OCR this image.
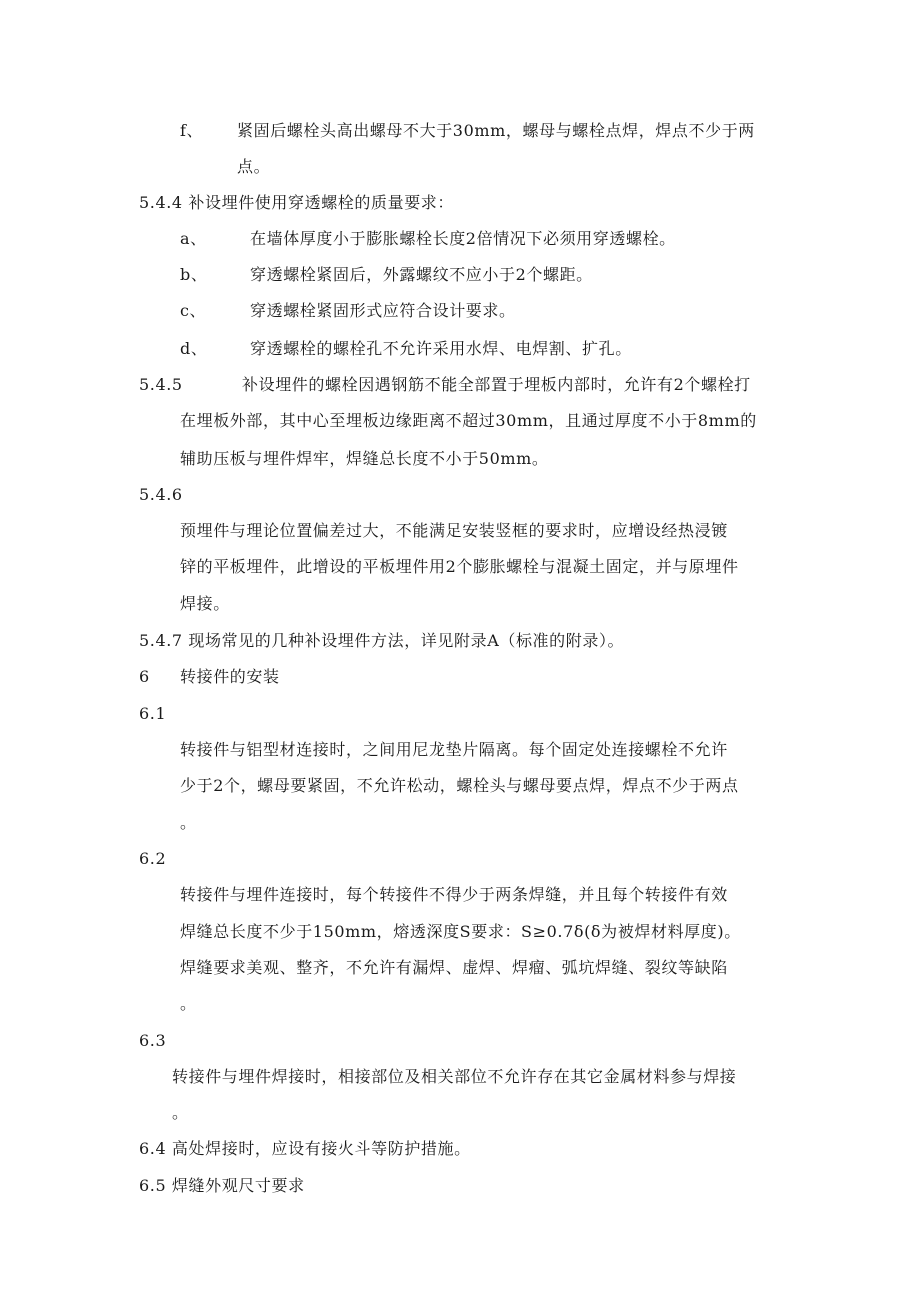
f、 紧固后螺栓头高出螺母不大于30mm，螺母与螺栓点焊，焊点不少于两
点。
5.4.4 补设埋件使用穿透螺栓的质量要求：
a、	在墙体厚度小于膨胀螺栓长度2倍情况下必须用穿透螺栓。
b、	穿透螺栓紧固后，外露螺纹不应小于2个螺距。
c、	穿透螺栓紧固形式应符合设计要求。
d、	穿透螺栓的螺栓孔不允许采用水焊、电焊割、扩孔。
5.4.5	补设埋件的螺栓因遇钢筋不能全部置于埋板内部时，允许有2个螺栓打
在埋板外部，其中心至埋板边缘距离不超过30mm，且通过厚度不小于8mm的
辅助压板与埋件焊牢，焊缝总长度不小于50mm。
5.4.6
预埋件与理论位置偏差过大，不能满足安装竖框的要求时，应增设经热浸镀
锌的平板埋件，此增设的平板埋件用2个膨胀螺栓与混凝土固定，并与原埋件
焊接。
5.4.7 现场常见的几种补设埋件方法，详见附录A（标准的附录）。
6 转接件的安装
6.1
转接件与铝型材连接时，之间用尼龙垫片隔离。每个固定处连接螺栓不允许
少于2个，螺母要紧固，不允许松动，螺栓头与螺母要点焊，焊点不少于两点
。
6.2
转接件与埋件连接时，每个转接件不得少于两条焊缝，并且每个转接件有效
焊缝总长度不少于150mm，熔透深度S要求：S≥0.7δ(δ为被焊材料厚度)。
焊缝要求美观、整齐，不允许有漏焊、虚焊、焊瘤、弧坑焊缝、裂纹等缺陷
。
6.3
转接件与埋件焊接时，相接部位及相关部位不允许存在其它金属材料参与焊接
。
6.4 高处焊接时，应设有接火斗等防护措施。
6.5 焊缝外观尺寸要求
